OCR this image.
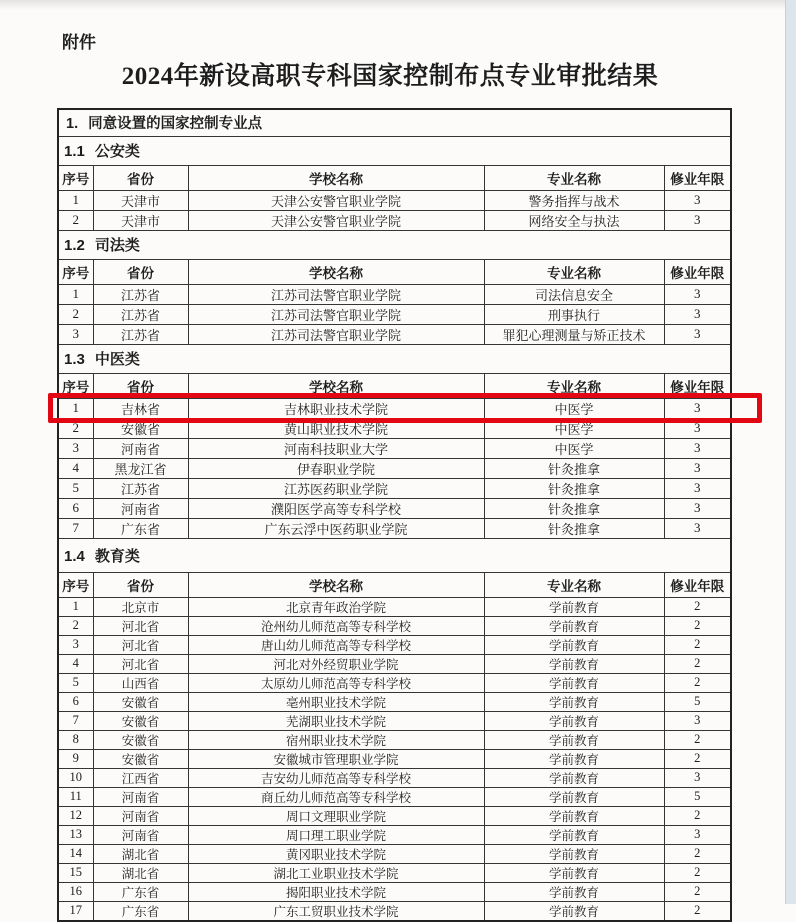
附件
2024年新设高职专科国家控制布点专业审批结果
1. 同意设置的国家控制专业点				
1.1 公安类				
序号	省份	学校名称	专业名称	修业年限
1	天津市	天津公安警官职业学院	警务指挥与战术	3
2	天津市	天津公安警官职业学院	网络安全与执法	3
1.2 司法类				
序号	省份	学校名称	专业名称	修业年限
1	江苏省	江苏司法警官职业学院	司法信息安全	3
2	江苏省	江苏司法警官职业学院	刑事执行	3
3	江苏省	江苏司法警官职业学院	罪犯心理测量与矫正技术	3
1.3 中医类				
序号	省份	学校名称	专业名称	修业年限
1	吉林省	吉林职业技术学院	中医学	3
2	安徽省	黄山职业技术学院	中医学	3
3	河南省	河南科技职业大学	中医学	3
4	黑龙江省	伊春职业学院	针灸推拿	3
5	江苏省	江苏医药职业学院	针灸推拿	3
6	河南省	濮阳医学高等专科学校	针灸推拿	3
7	广东省	广东云浮中医药职业学院	针灸推拿	3
1.4 教育类				
序号	省份	学校名称	专业名称	修业年限
1	北京市	北京青年政治学院	学前教育	2
2	河北省	沧州幼儿师范高等专科学校	学前教育	2
3	河北省	唐山幼儿师范高等专科学校	学前教育	2
4	河北省	河北对外经贸职业学院	学前教育	2
5	山西省	太原幼儿师范高等专科学校	学前教育	2
6	安徽省	亳州职业技术学院	学前教育	5
7	安徽省	芜湖职业技术学院	学前教育	3
8	安徽省	宿州职业技术学院	学前教育	2
9	安徽省	安徽城市管理职业学院	学前教育	2
10	江西省	吉安幼儿师范高等专科学校	学前教育	3
11	河南省	商丘幼儿师范高等专科学校	学前教育	5
12	河南省	周口文理职业学院	学前教育	2
13	河南省	周口理工职业学院	学前教育	3
14	湖北省	黄冈职业技术学院	学前教育	2
15	湖北省	湖北工业职业技术学院	学前教育	2
16	广东省	揭阳职业技术学院	学前教育	2
17	广东省	广东工贸职业技术学院	学前教育	2
